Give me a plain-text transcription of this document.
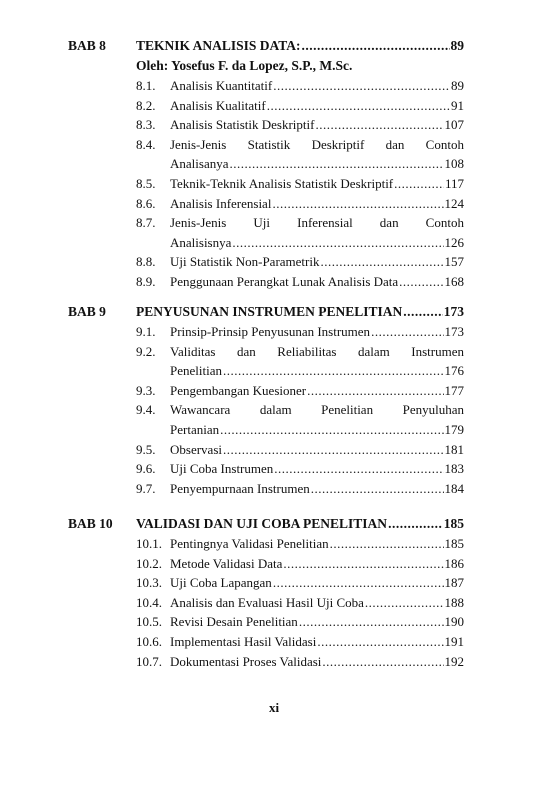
BAB 8 TEKNIK ANALISIS DATA: .....	89
Oleh: Yosefus F. da Lopez, S.P., M.Sc.
8.1.	Analisis Kuantitatif .....	89
8.2.	Analisis Kualitatif .....	91
8.3.	Analisis Statistik Deskriptif .....	107
8.4.	Jenis-Jenis Statistik Deskriptif dan Contoh
Analisanya .....	108
8.5.	Teknik-Teknik Analisis Statistik Deskriptif .....	117
8.6.	Analisis Inferensial .....	124
8.7.	Jenis-Jenis Uji Inferensial dan Contoh
Analisisnya .....	126
8.8.	Uji Statistik Non-Parametrik .....	157
8.9.	Penggunaan Perangkat Lunak Analisis Data .....	168
BAB 9 PENYUSUNAN INSTRUMEN PENELITIAN .....	173
9.1.	Prinsip-Prinsip Penyusunan Instrumen .....	173
9.2.	Validitas dan Reliabilitas dalam Instrumen
Penelitian .....	176
9.3.	Pengembangan Kuesioner .....	177
9.4.	Wawancara dalam Penelitian Penyuluhan
Pertanian .....	179
9.5.	Observasi .....	181
9.6.	Uji Coba Instrumen .....	183
9.7.	Penyempurnaan Instrumen .....	184
BAB 10 VALIDASI DAN UJI COBA PENELITIAN .....	185
10.1. Pentingnya Validasi Penelitian .....	185
10.2. Metode Validasi Data .....	186
10.3. Uji Coba Lapangan .....	187
10.4. Analisis dan Evaluasi Hasil Uji Coba .....	188
10.5. Revisi Desain Penelitian .....	190
10.6. Implementasi Hasil Validasi .....	191
10.7. Dokumentasi Proses Validasi .....	192
xi
